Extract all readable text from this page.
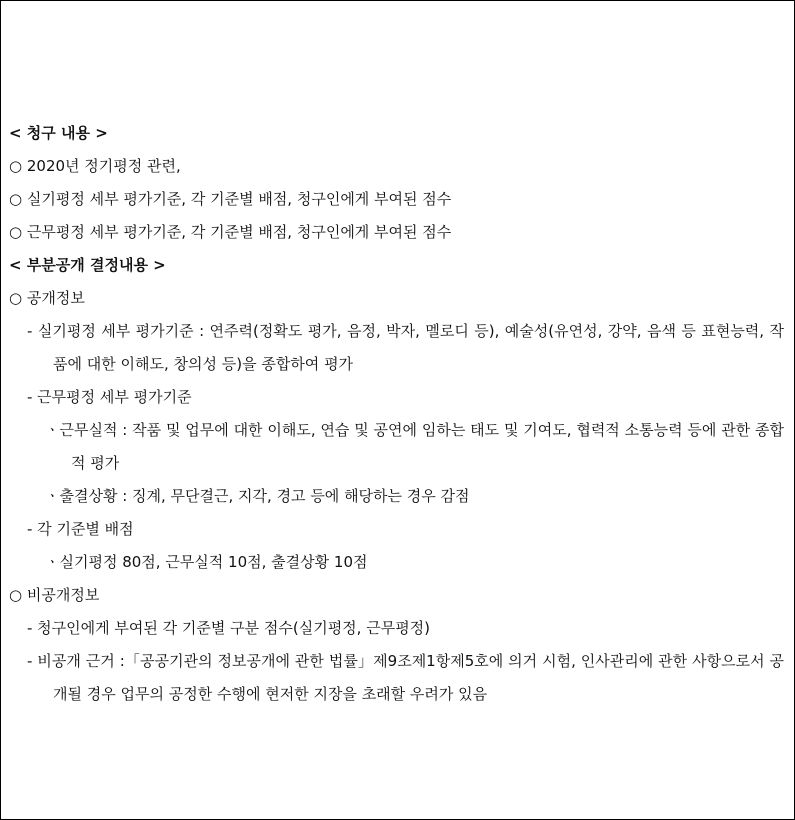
< 청구 내용 >
○ 2020년 정기평정 관련,
○ 실기평정 세부 평가기준, 각 기준별 배점, 청구인에게 부여된 점수
○ 근무평정 세부 평가기준, 각 기준별 배점, 청구인에게 부여된 점수
< 부분공개 결정내용 >
○ 공개정보
- 실기평정 세부 평가기준 : 연주력(정확도 평가, 음정, 박자, 멜로디 등), 예술성(유연성, 강약, 음색 등 표현능력, 작품에 대한 이해도, 창의성 등)을 종합하여 평가
- 근무평정 세부 평가기준
ㆍ근무실적 : 작품 및 업무에 대한 이해도, 연습 및 공연에 임하는 태도 및 기여도, 협력적 소통능력 등에 관한 종합적 평가
ㆍ출결상황 : 징계, 무단결근, 지각, 경고 등에 해당하는 경우 감점
- 각 기준별 배점
ㆍ실기평정 80점, 근무실적 10점, 출결상황 10점
○ 비공개정보
- 청구인에게 부여된 각 기준별 구분 점수(실기평정, 근무평정)
- 비공개 근거 :「공공기관의 정보공개에 관한 법률」제9조제1항제5호에 의거 시험, 인사관리에 관한 사항으로서 공개될 경우 업무의 공정한 수행에 현저한 지장을 초래할 우려가 있음
